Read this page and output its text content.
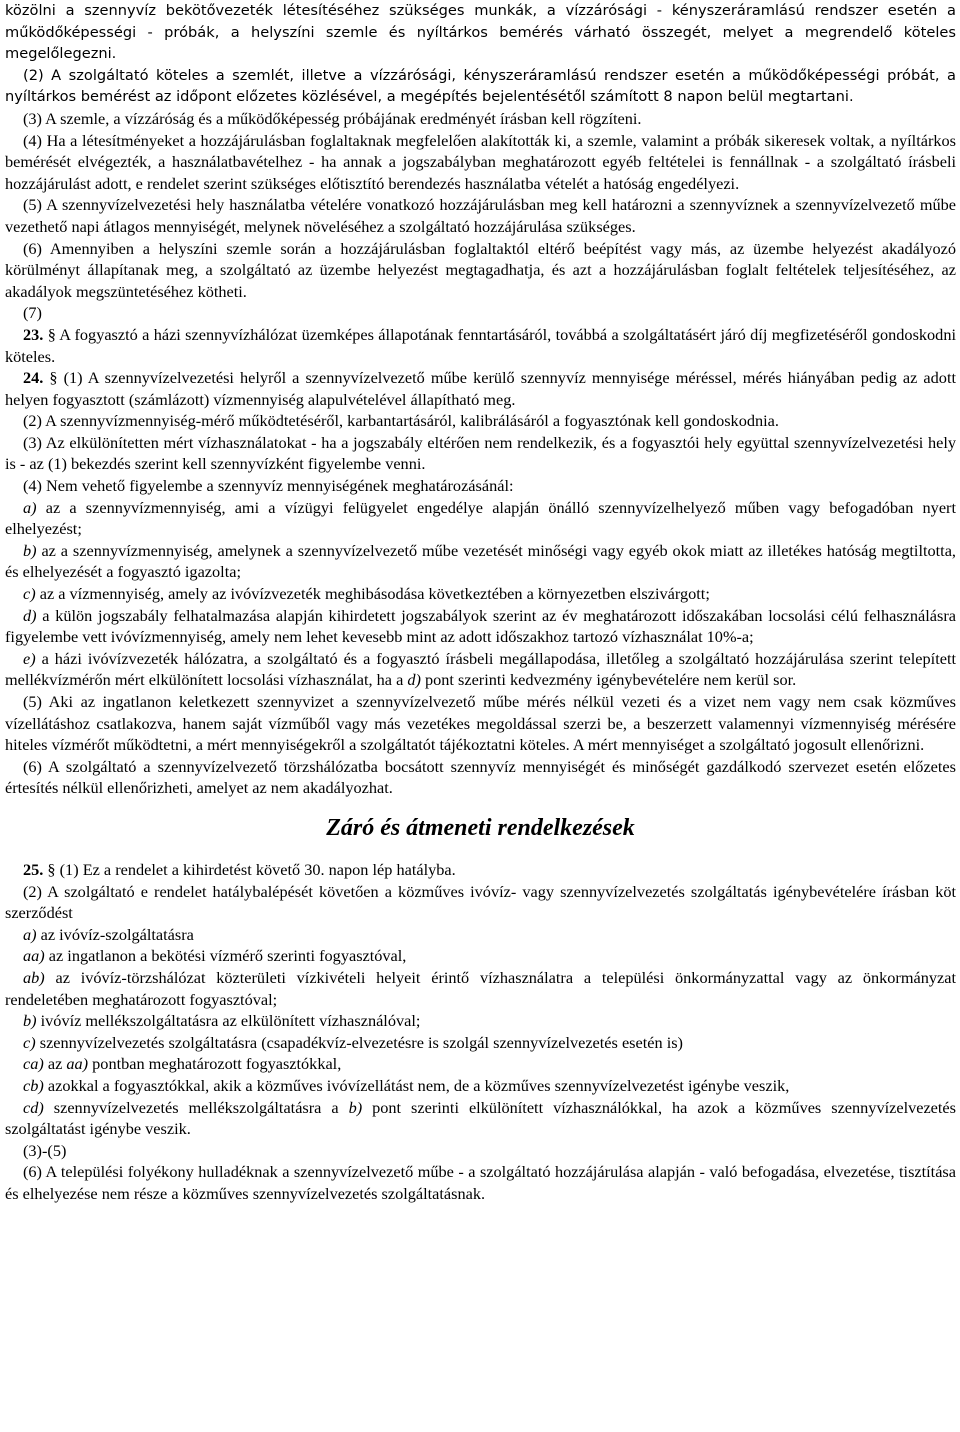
közölni a szennyvíz bekötővezeték létesítéséhez szükséges munkák, a vízzárósági - kényszeráramlású rendszer esetén a működőképességi - próbák, a helyszíni szemle és nyíltárkos bemérés várható összegét, melyet a megrendelő köteles megelőlegezni.

(2) A szolgáltató köteles a szemlét, illetve a vízzárósági, kényszeráramlású rendszer esetén a működőképességi próbát, a nyíltárkos bemérést az időpont előzetes közlésével, a megépítés bejelentésétől számított 8 napon belül megtartani.

(3) A szemle, a vízzáróság és a működőképesség próbájának eredményét írásban kell rögzíteni.

(4) Ha a létesítményeket a hozzájárulásban foglaltaknak megfelelően alakították ki, a szemle, valamint a próbák sikeresek voltak, a nyíltárkos bemérését elvégezték, a használatbavételhez - ha annak a jogszabályban meghatározott egyéb feltételei is fennállnak - a szolgáltató írásbeli hozzájárulást adott, e rendelet szerint szükséges előtisztító berendezés használatba vételét a hatóság engedélyezi.

(5) A szennyvízelvezetési hely használatba vételére vonatkozó hozzájárulásban meg kell határozni a szennyvíznek a szennyvízelvezető műbe vezethető napi átlagos mennyiségét, melynek növeléséhez a szolgáltató hozzájárulása szükséges.

(6) Amennyiben a helyszíni szemle során a hozzájárulásban foglaltaktól eltérő beépítést vagy más, az üzembe helyezést akadályozó körülményt állapítanak meg, a szolgáltató az üzembe helyezést megtagadhatja, és azt a hozzájárulásban foglalt feltételek teljesítéséhez, az akadályok megszüntetéséhez kötheti.

(7)

23. § A fogyasztó a házi szennyvízhálózat üzemképes állapotának fenntartásáról, továbbá a szolgáltatásért járó díj megfizetéséről gondoskodni köteles.

24. § (1) A szennyvízelvezetési helyről a szennyvízelvezető műbe kerülő szennyvíz mennyisége méréssel, mérés hiányában pedig az adott helyen fogyasztott (számlázott) vízmennyiség alapulvételével állapítható meg.

(2) A szennyvízmennyiség-mérő működtetéséről, karbantartásáról, kalibrálásáról a fogyasztónak kell gondoskodnia.

(3) Az elkülönítetten mért vízhasználatokat - ha a jogszabály eltérően nem rendelkezik, és a fogyasztói hely együttal szennyvízelvezetési hely is - az (1) bekezdés szerint kell szennyvízként figyelembe venni.

(4) Nem vehető figyelembe a szennyvíz mennyiségének meghatározásánál:

a) az a szennyvízmennyiség, ami a vízügyi felügyelet engedélye alapján önálló szennyvízelhelyező műben vagy befogadóban nyert elhelyezést;

b) az a szennyvízmennyiség, amelynek a szennyvízelvezető műbe vezetését minőségi vagy egyéb okok miatt az illetékes hatóság megtiltotta, és elhelyezését a fogyasztó igazolta;

c) az a vízmennyiség, amely az ivóvízvezeték meghibásodása következtében a környezetben elszivárgott;

d) a külön jogszabály felhatalmazása alapján kihirdetett jogszabályok szerint az év meghatározott időszakában locsolási célú felhasználásra figyelembe vett ivóvízmennyiség, amely nem lehet kevesebb mint az adott időszakhoz tartozó vízhasználat 10%-a;

e) a házi ivóvízvezeték hálózatra, a szolgáltató és a fogyasztó írásbeli megállapodása, illetőleg a szolgáltató hozzájárulása szerint telepített mellékvízmérőn mért elkülönített locsolási vízhasználat, ha a d) pont szerinti kedvezmény igénybevételére nem kerül sor.

(5) Aki az ingatlanon keletkezett szennyvizet a szennyvízelvezető műbe mérés nélkül vezeti és a vizet nem vagy nem csak közműves vízellátáshoz csatlakozva, hanem saját vízműből vagy más vezetékes megoldással szerzi be, a beszerzett valamennyi vízmennyiség mérésére hiteles vízmérőt működtetni, a mért mennyiségekről a szolgáltatót tájékoztatni köteles. A mért mennyiséget a szolgáltató jogosult ellenőrizni.

(6) A szolgáltató a szennyvízelvezető törzshálózatba bocsátott szennyvíz mennyiségét és minőségét gazdálkodó szervezet esetén előzetes értesítés nélkül ellenőrizheti, amelyet az nem akadályozhat.

Záró és átmeneti rendelkezések

25. § (1) Ez a rendelet a kihirdetést követő 30. napon lép hatályba.

(2) A szolgáltató e rendelet hatálybalépését követően a közműves ivóvíz- vagy szennyvízelvezetés szolgáltatás igénybevételére írásban köt szerződést

a) az ivóvíz-szolgáltatásra

aa) az ingatlanon a bekötési vízmérő szerinti fogyasztóval,

ab) az ivóvíz-törzshálózat közterületi vízkivételi helyeit érintő vízhasználatra a települési önkormányzattal vagy az önkormányzat rendeletében meghatározott fogyasztóval;

b) ivóvíz mellékszolgáltatásra az elkülönített vízhasználóval;

c) szennyvízelvezetés szolgáltatásra (csapadékvíz-elvezetésre is szolgál szennyvízelvezetés esetén is)

ca) az aa) pontban meghatározott fogyasztókkal,

cb) azokkal a fogyasztókkal, akik a közműves ivóvízellátást nem, de a közműves szennyvízelvezetést igénybe veszik,

cd) szennyvízelvezetés mellékszolgáltatásra a b) pont szerinti elkülönített vízhasználókkal, ha azok a közműves szennyvízelvezetés szolgáltatást igénybe veszik.

(3)-(5)

(6) A települési folyékony hulladéknak a szennyvízelvezető műbe - a szolgáltató hozzájárulása alapján - való befogadása, elvezetése, tisztítása és elhelyezése nem része a közműves szennyvízelvezetés szolgáltatásnak.
